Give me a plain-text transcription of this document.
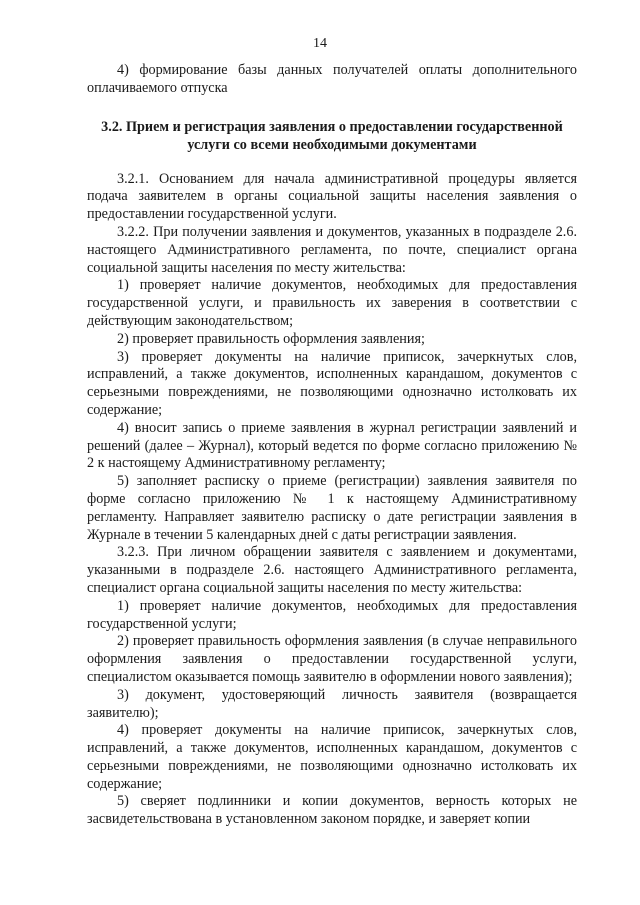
14

4) формирование базы данных получателей оплаты дополнительного оплачиваемого отпуска

3.2. Прием и регистрация заявления о предоставлении государственной услуги со всеми необходимыми документами

3.2.1. Основанием для начала административной процедуры является подача заявителем в органы социальной защиты населения заявления о предоставлении государственной услуги.

3.2.2. При получении заявления и документов, указанных в подразделе 2.6. настоящего Административного регламента, по почте, специалист органа социальной защиты населения по месту жительства:

1) проверяет наличие документов, необходимых для предоставления государственной услуги, и правильность их заверения в соответствии с действующим законодательством;

2) проверяет правильность оформления заявления;

3) проверяет документы на наличие приписок, зачеркнутых слов, исправлений, а также документов, исполненных карандашом, документов с серьезными повреждениями, не позволяющими однозначно истолковать их содержание;

4) вносит запись о приеме заявления в журнал регистрации заявлений и решений (далее – Журнал), который ведется по форме согласно приложению № 2 к настоящему Административному регламенту;

5) заполняет расписку о приеме (регистрации) заявления заявителя по форме согласно приложению № 1 к настоящему Административному регламенту. Направляет заявителю расписку о дате регистрации заявления в Журнале в течении 5 календарных дней с даты регистрации заявления.

3.2.3. При личном обращении заявителя с заявлением и документами, указанными в подразделе 2.6. настоящего Административного регламента, специалист органа социальной защиты населения по месту жительства:

1) проверяет наличие документов, необходимых для предоставления государственной услуги;

2) проверяет правильность оформления заявления (в случае неправильного оформления заявления о предоставлении государственной услуги, специалистом оказывается помощь заявителю в оформлении нового заявления);

3) документ, удостоверяющий личность заявителя (возвращается заявителю);

4) проверяет документы на наличие приписок, зачеркнутых слов, исправлений, а также документов, исполненных карандашом, документов с серьезными повреждениями, не позволяющими однозначно истолковать их содержание;

5) сверяет подлинники и копии документов, верность которых не засвидетельствована в установленном законом порядке, и заверяет копии
